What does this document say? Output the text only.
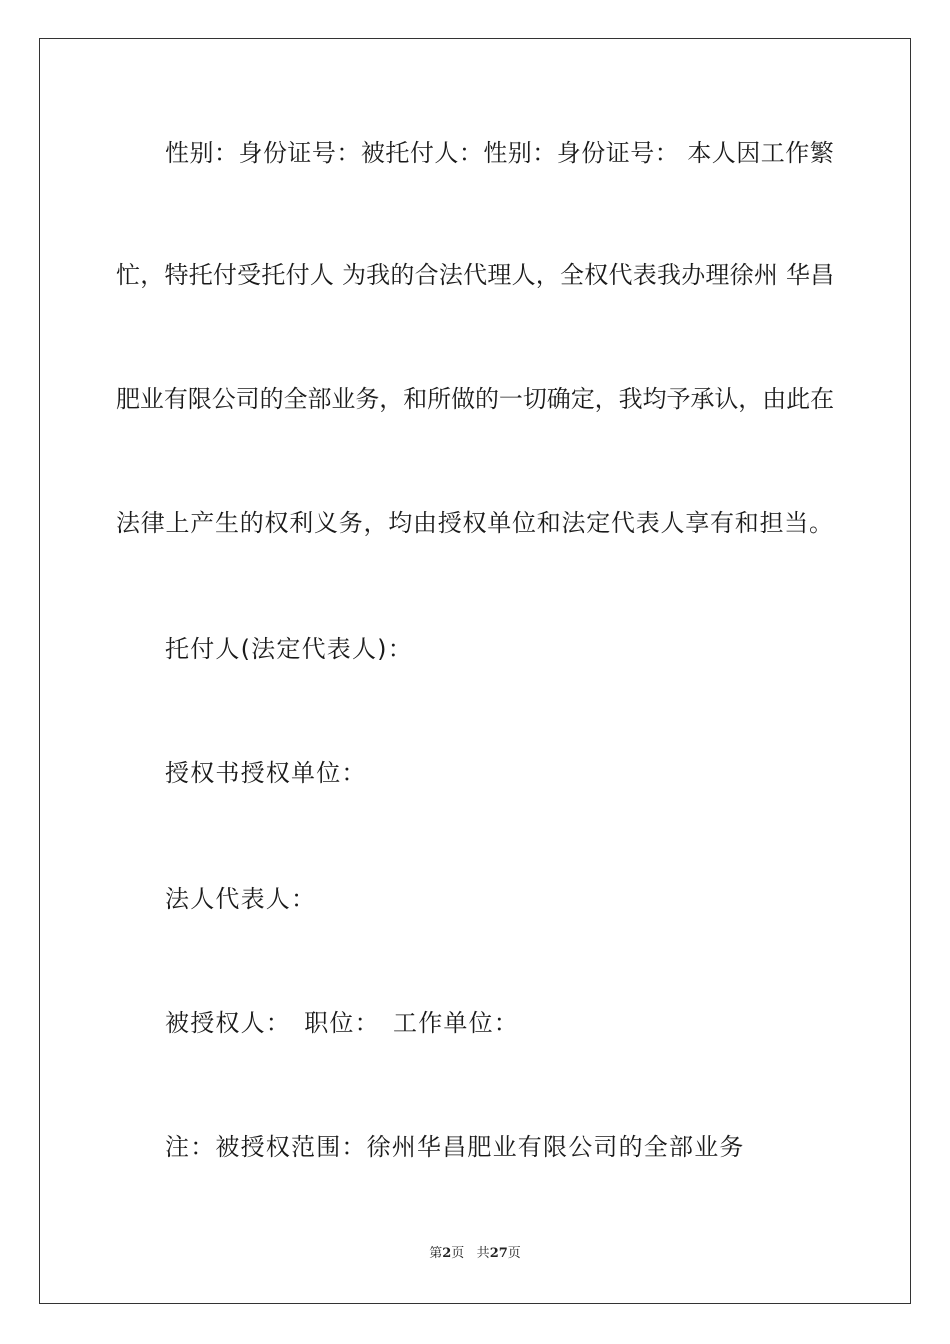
性别：身份证号：被托付人：性别：身份证号： 本人因工作繁
忙，特托付受托付人 为我的合法代理人，全权代表我办理徐州 华昌
肥业有限公司的全部业务，和所做的一切确定，我均予承认，由此在
法律上产生的权利义务，均由授权单位和法定代表人享有和担当。
托付人(法定代表人)：
授权书授权单位：
法人代表人：
被授权人：　职位：　工作单位：
注：被授权范围：徐州华昌肥业有限公司的全部业务
第2页 共27页
